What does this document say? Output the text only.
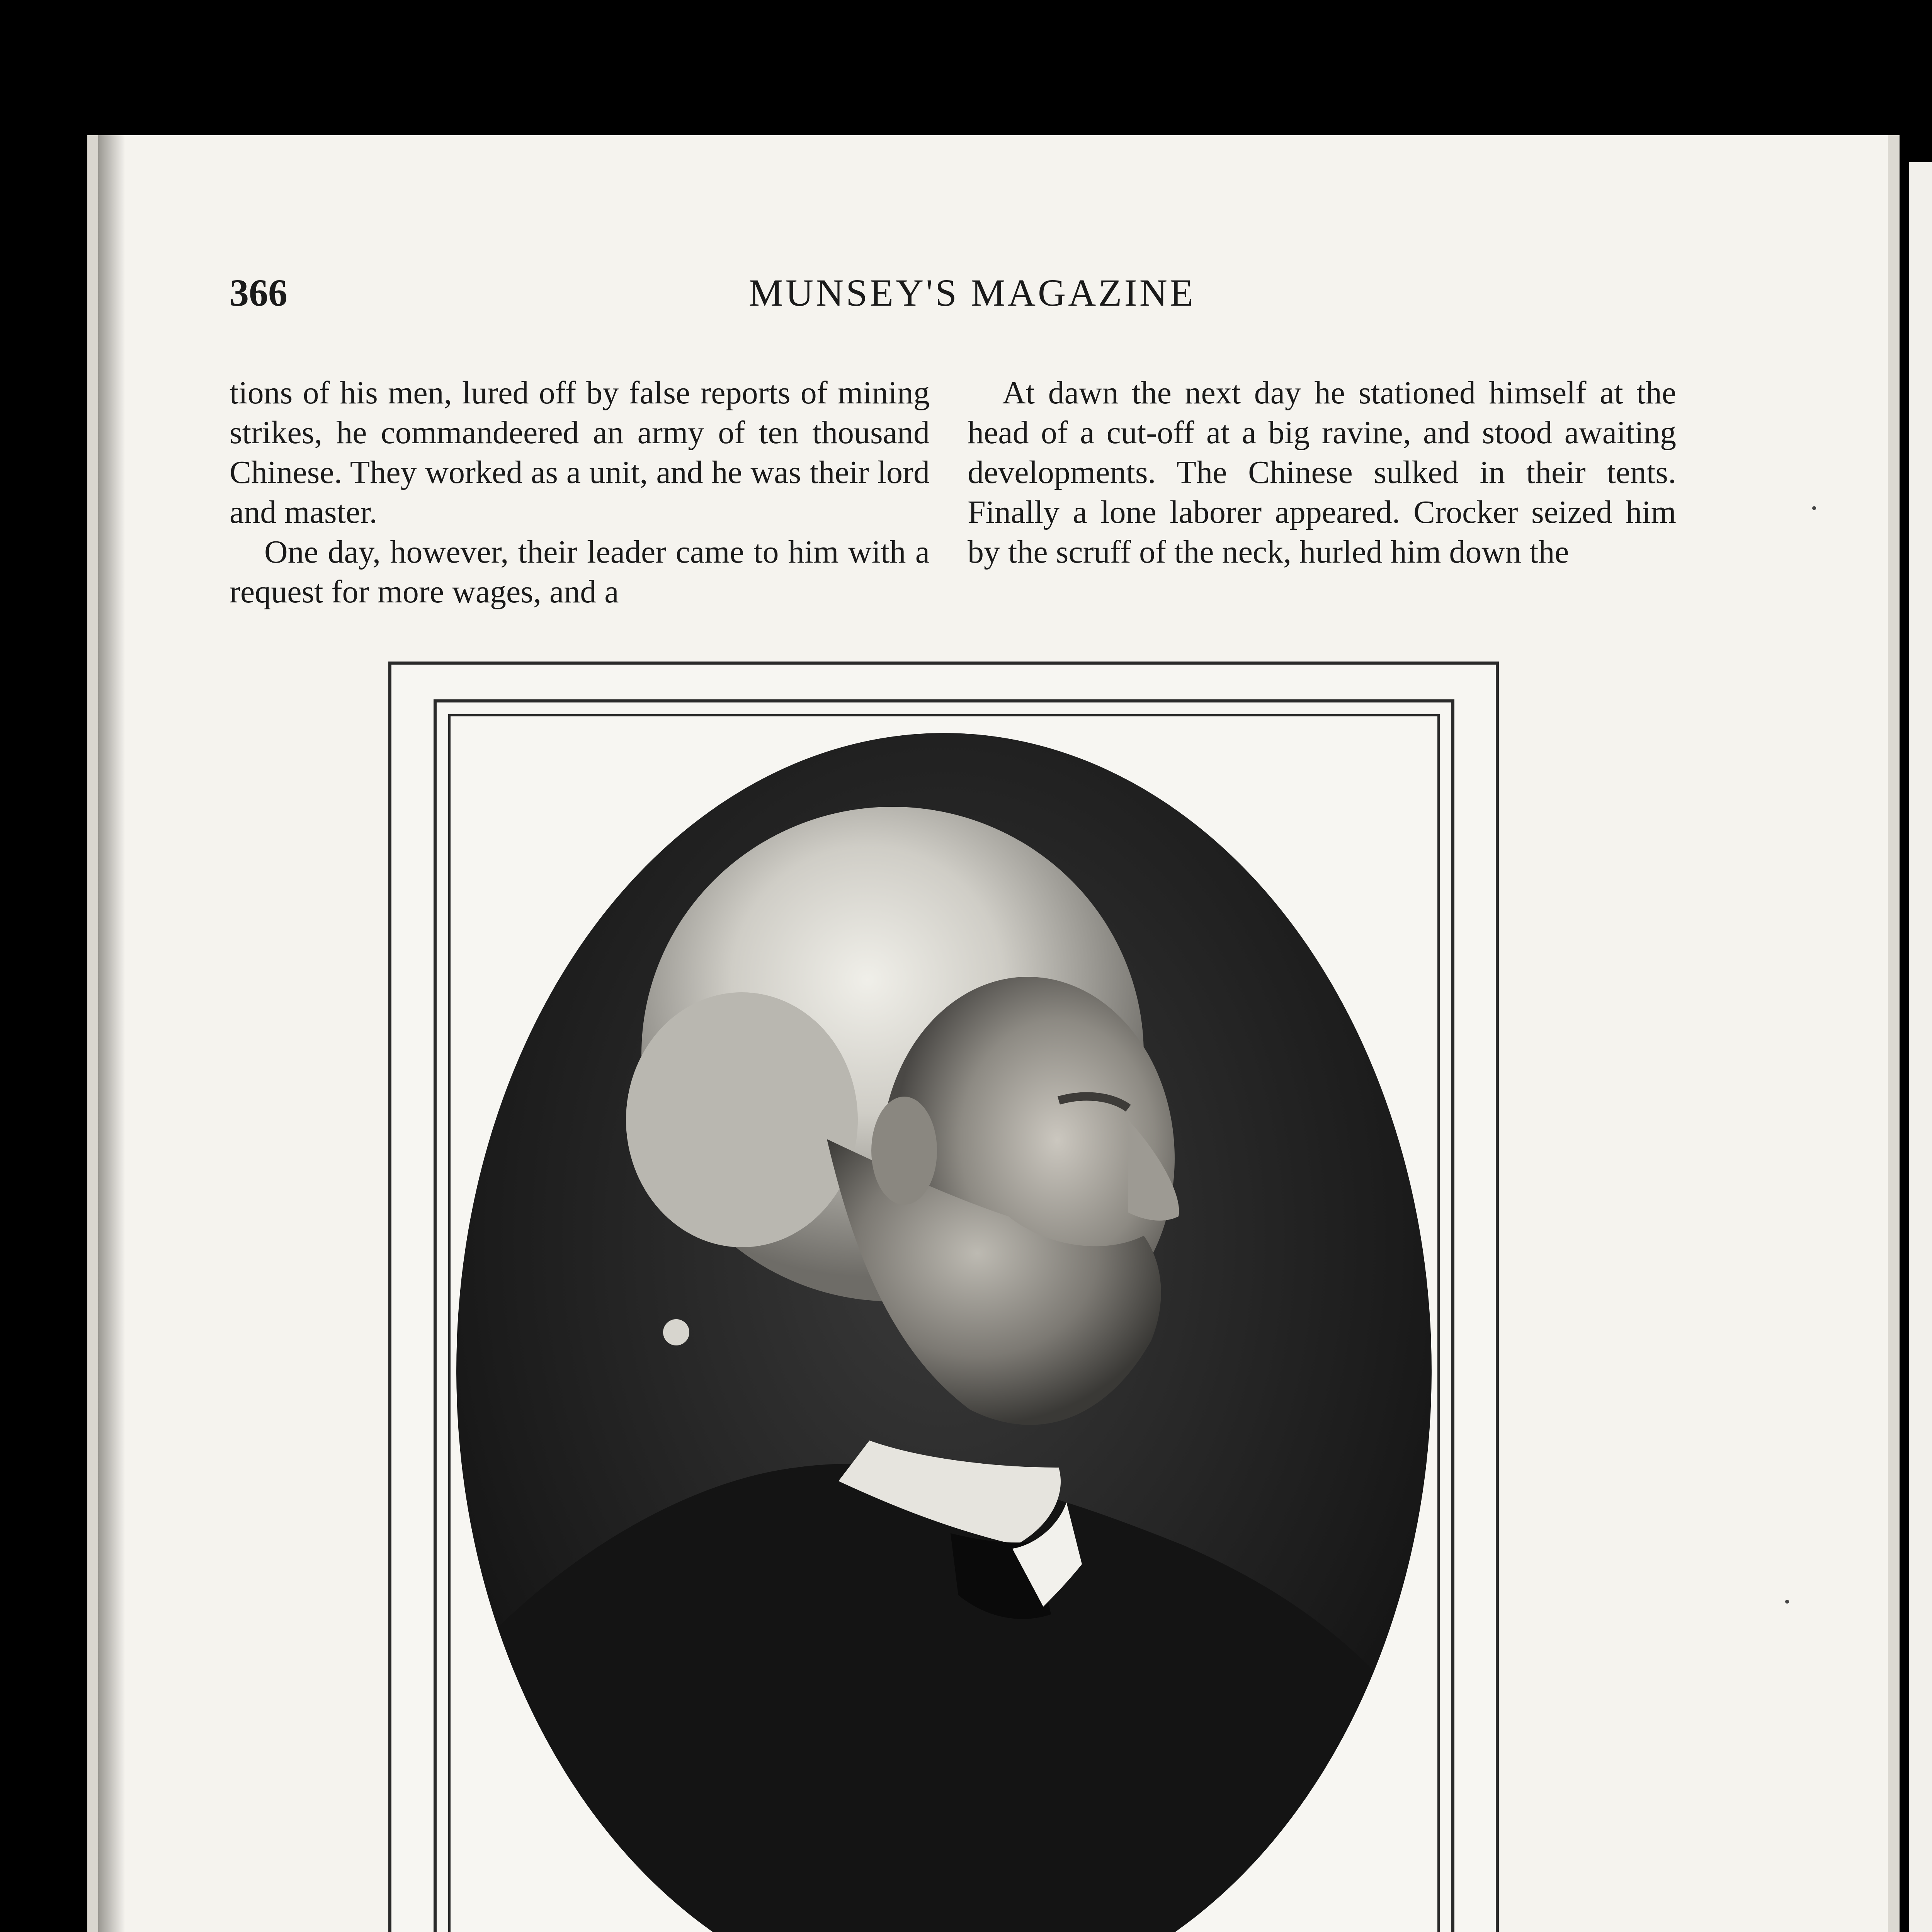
366	MUNSEY'S MAGAZINE

tions of his men, lured off by false reports of mining strikes, he commandeered an army of ten thousand Chinese. They worked as a unit, and he was their lord and master.

One day, however, their leader came to him with a request for more wages, and a

At dawn the next day he stationed himself at the head of a cut-off at a big ravine, and stood awaiting developments. The Chinese sulked in their tents. Finally a lone laborer appeared. Crocker seized him by the scruff of the neck, hurled him down the
